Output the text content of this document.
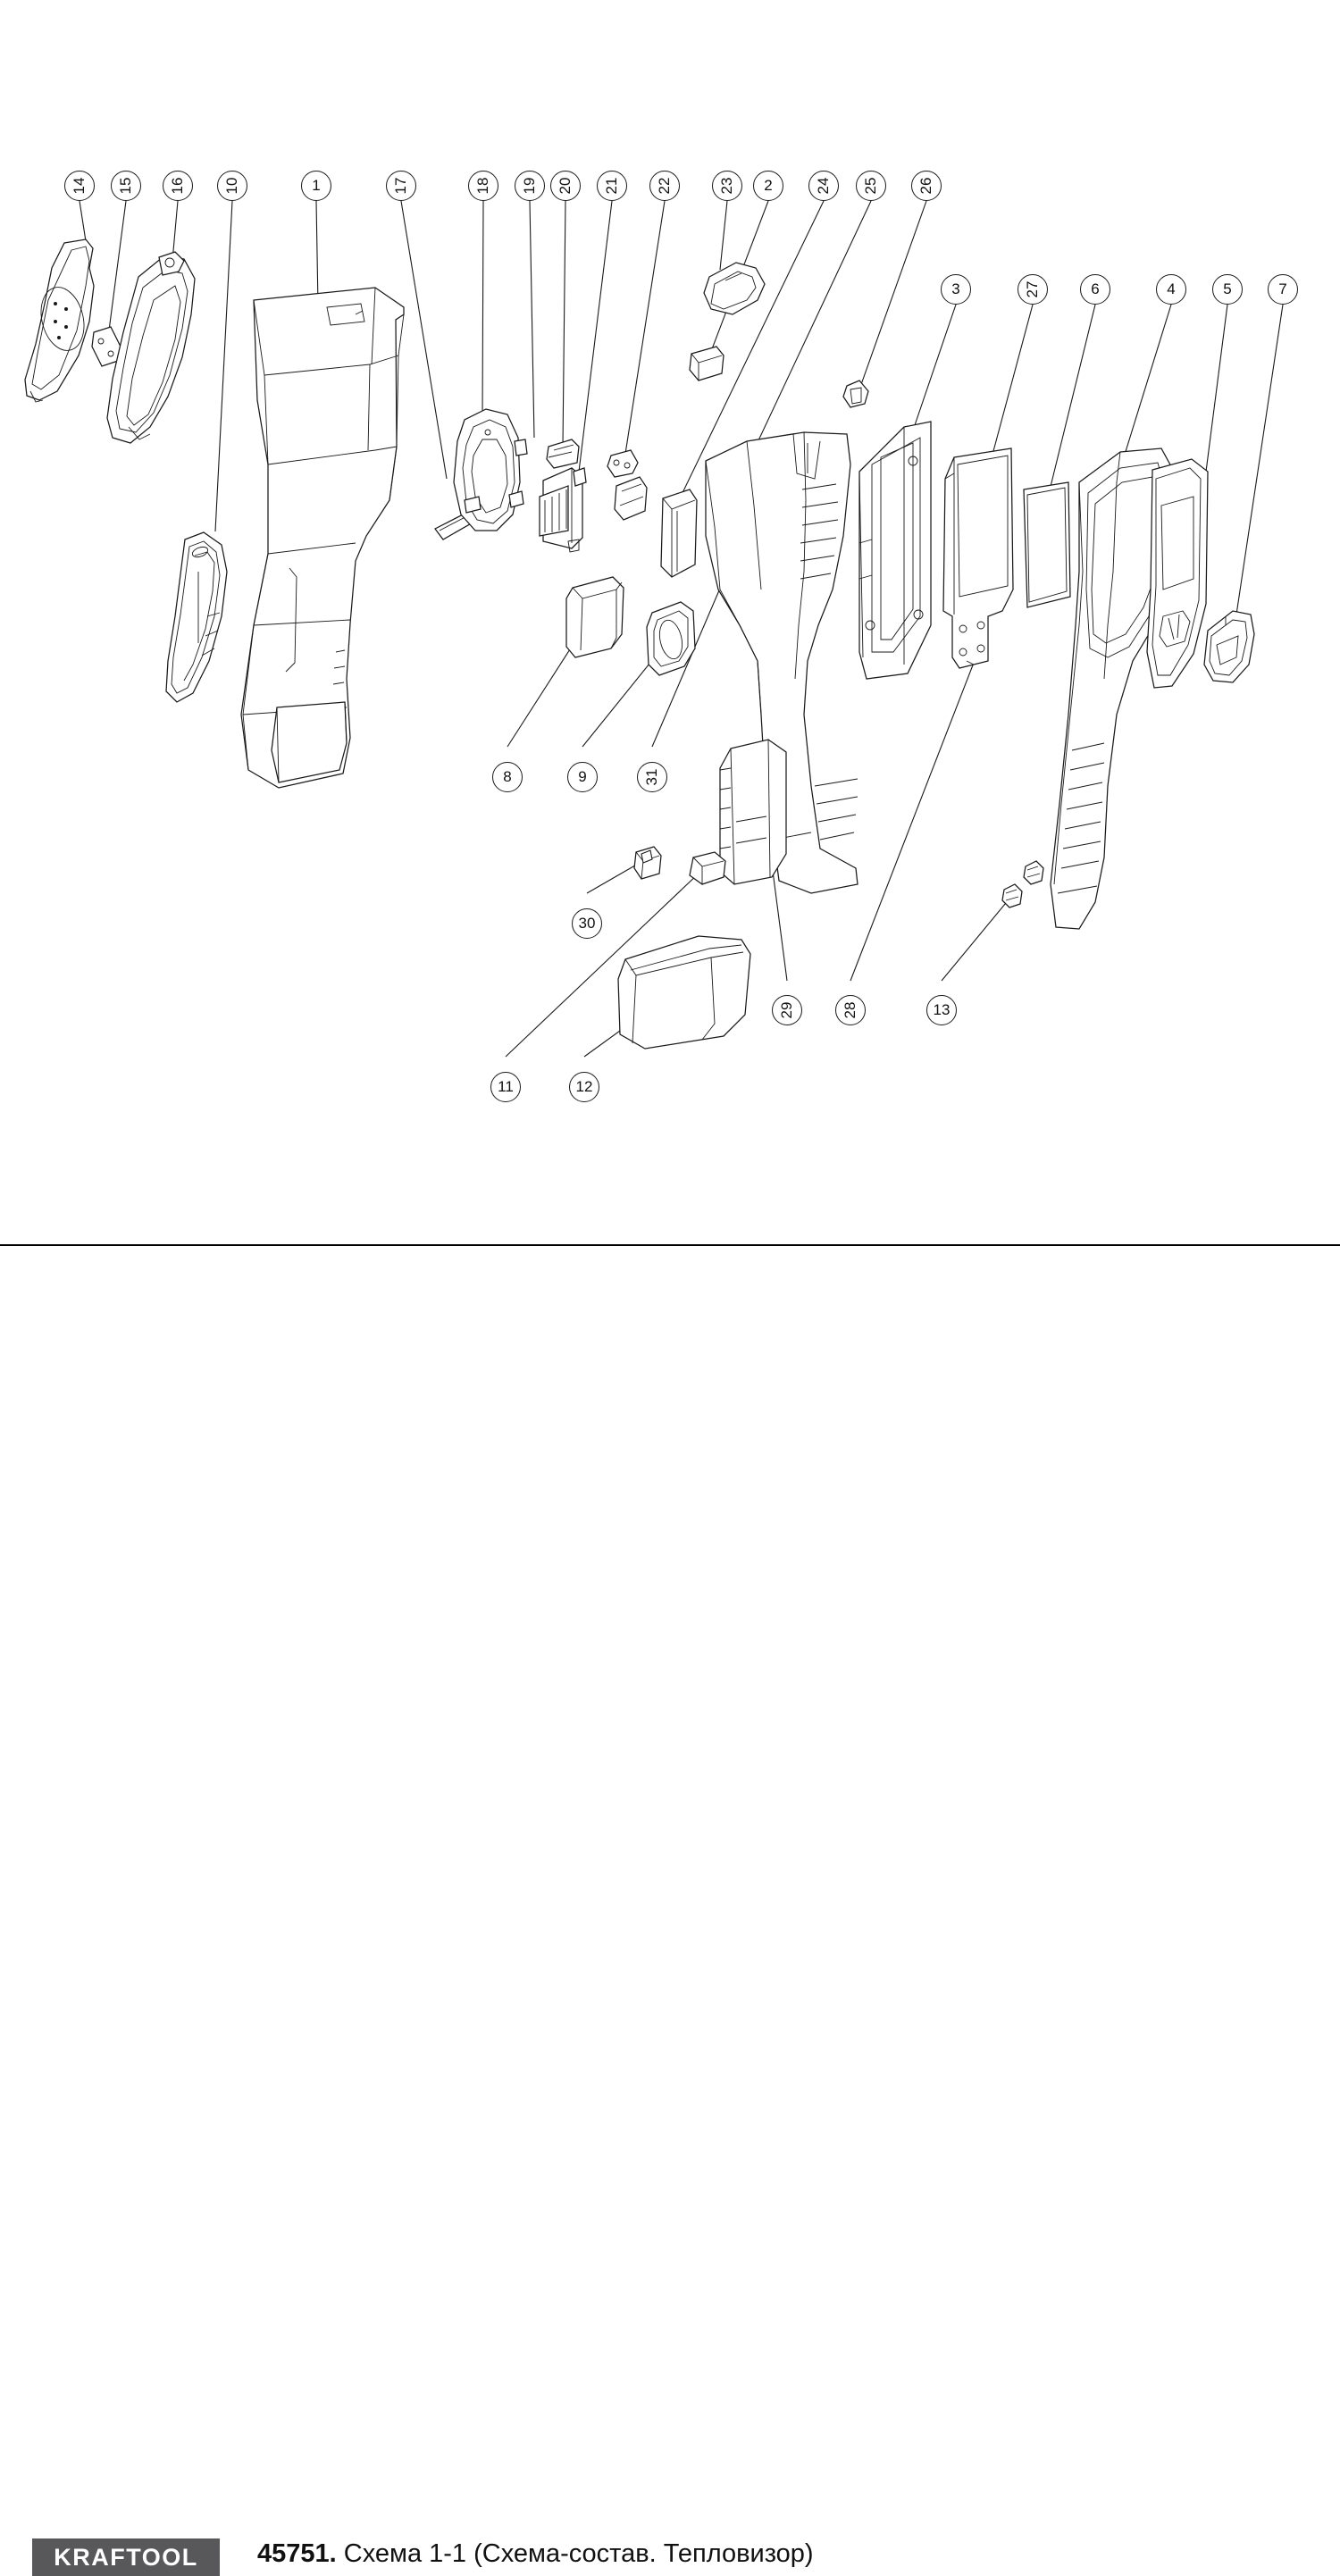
14	15	16	10	1	17	18	19	20	21	22	23	2	24	25	26
3	27	6	4	5	7
8	9	31
30
29	28	13
11	12
KRAFTOOL 45751. Схема 1-1 (Схема-состав. Тепловизор)
